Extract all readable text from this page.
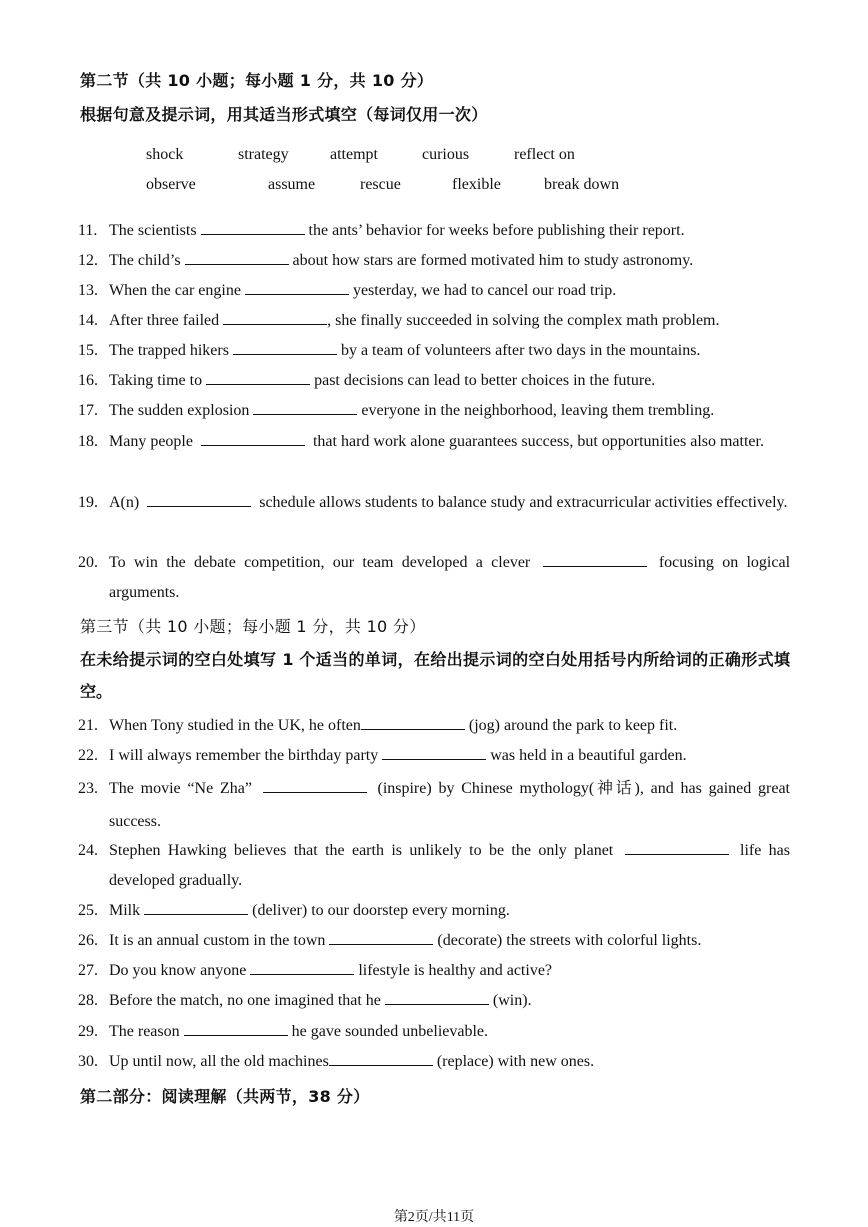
第二节（共 10 小题；每小题 1 分，共 10 分）
根据句意及提示词，用其适当形式填空（每词仅用一次）
shock	strategy	attempt	curious	reflect on
observe	assume	rescue	flexible	break down
11. The scientists	the ants’ behavior for weeks before publishing their report.
12. The child’s	about how stars are formed motivated him to study astronomy.
13. When the car engine	yesterday, we had to cancel our road trip.
14. After three failed	, she finally succeeded in solving the complex math problem.
15. The trapped hikers	by a team of volunteers after two days in the mountains.
16. Taking time to	past decisions can lead to better choices in the future.
17. The sudden explosion	everyone in the neighborhood, leaving them trembling.
18. Many people	that hard work alone guarantees success, but opportunities also matter.
19. A(n)	schedule allows students to balance study and extracurricular activities effectively.
20. To win the debate competition, our team developed a clever	focusing on logical arguments.
第三节（共 10 小题；每小题 1 分，共 10 分）
在未给提示词的空白处填写 1 个适当的单词，在给出提示词的空白处用括号内所给词的正确形式填空。
21. When Tony studied in the UK, he often	(jog) around the park to keep fit.
22. I will always remember the birthday party	was held in a beautiful garden.
23. The movie “Ne Zha”	(inspire) by Chinese mythology(神话), and has gained great success.
24. Stephen Hawking believes that the earth is unlikely to be the only planet	life has developed gradually.
25. Milk	(deliver) to our doorstep every morning.
26. It is an annual custom in the town	(decorate) the streets with colorful lights.
27. Do you know anyone	lifestyle is healthy and active?
28. Before the match, no one imagined that he	(win).
29. The reason	he gave sounded unbelievable.
30. Up until now, all the old machines	(replace) with new ones.
第二部分：阅读理解（共两节，38 分）
第2页/共11页
